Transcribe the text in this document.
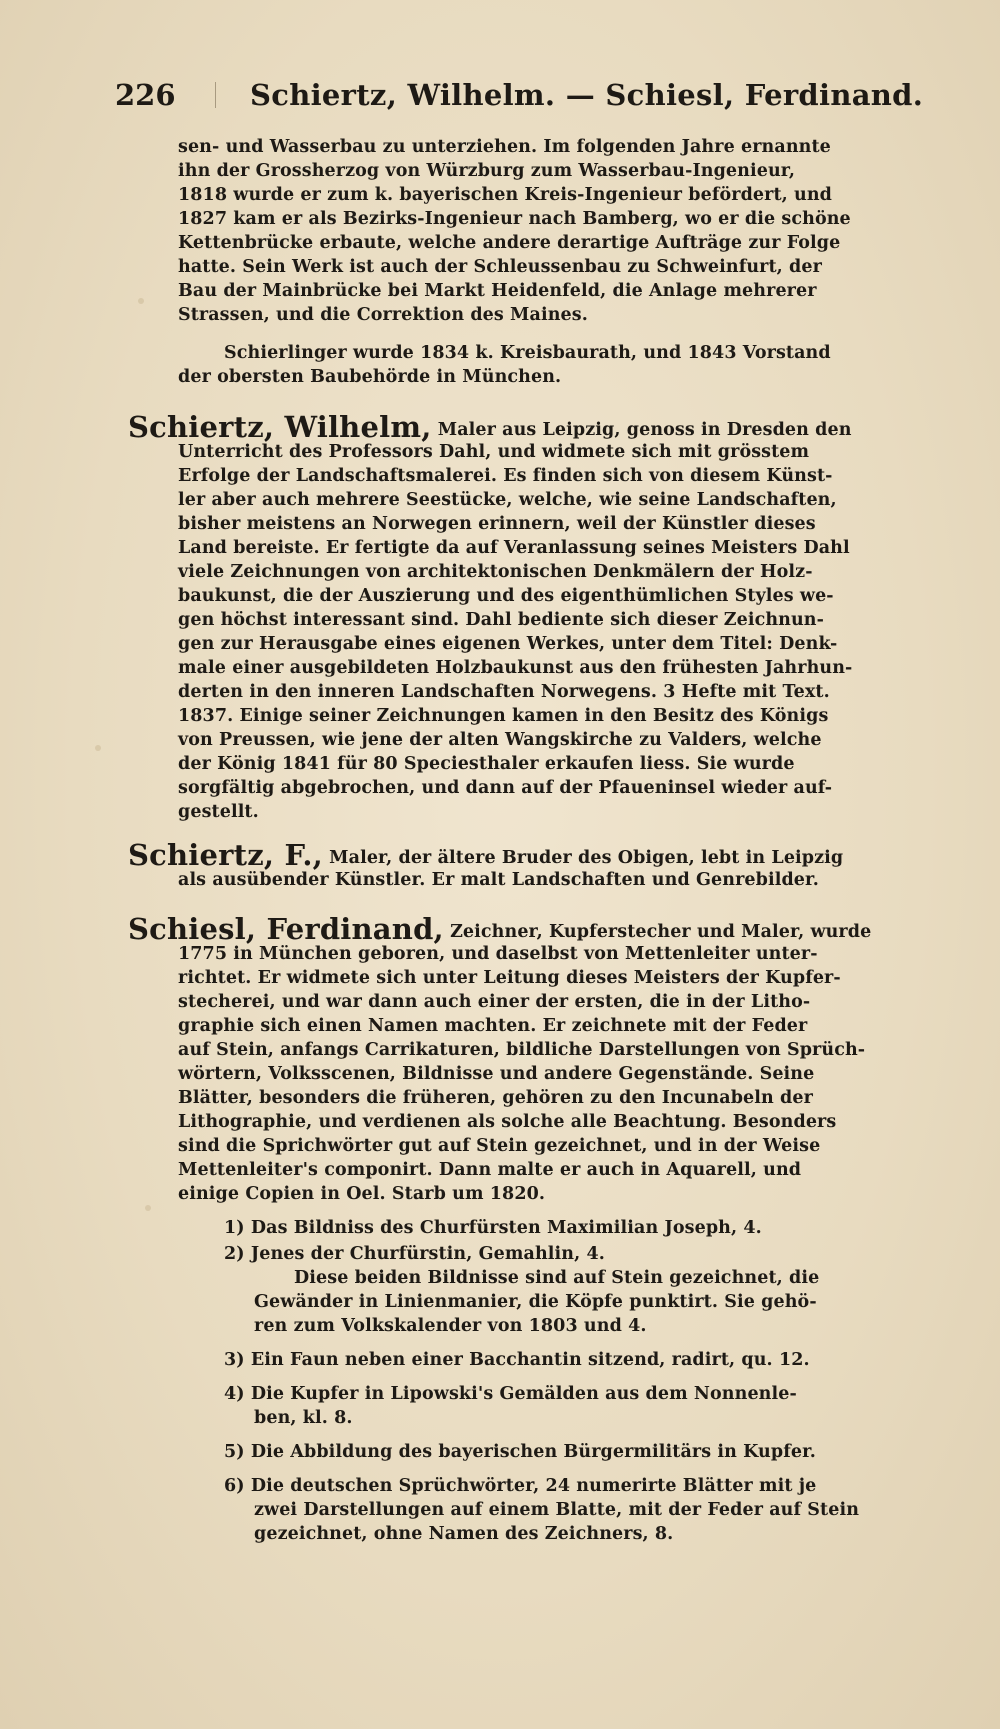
226	Schiertz, Wilhelm. — Schiesl, Ferdinand.
sen- und Wasserbau zu unterziehen. Im folgenden Jahre ernannte
ihn der Grossherzog von Würzburg zum Wasserbau-Ingenieur,
1818 wurde er zum k. bayerischen Kreis-Ingenieur befördert, und
1827 kam er als Bezirks-Ingenieur nach Bamberg, wo er die schöne
Kettenbrücke erbaute, welche andere derartige Aufträge zur Folge
hatte. Sein Werk ist auch der Schleussenbau zu Schweinfurt, der
Bau der Mainbrücke bei Markt Heidenfeld, die Anlage mehrerer
Strassen, und die Correktion des Maines.
Schierlinger wurde 1834 k. Kreisbaurath, und 1843 Vorstand
der obersten Baubehörde in München.
Schiertz, Wilhelm, Maler aus Leipzig, genoss in Dresden den
Unterricht des Professors Dahl, und widmete sich mit grösstem
Erfolge der Landschaftsmalerei. Es finden sich von diesem Künst-
ler aber auch mehrere Seestücke, welche, wie seine Landschaften,
bisher meistens an Norwegen erinnern, weil der Künstler dieses
Land bereiste. Er fertigte da auf Veranlassung seines Meisters Dahl
viele Zeichnungen von architektonischen Denkmälern der Holz-
baukunst, die der Auszierung und des eigenthümlichen Styles we-
gen höchst interessant sind. Dahl bediente sich dieser Zeichnun-
gen zur Herausgabe eines eigenen Werkes, unter dem Titel: Denk-
male einer ausgebildeten Holzbaukunst aus den frühesten Jahrhun-
derten in den inneren Landschaften Norwegens. 3 Hefte mit Text.
1837. Einige seiner Zeichnungen kamen in den Besitz des Königs
von Preussen, wie jene der alten Wangskirche zu Valders, welche
der König 1841 für 80 Speciesthaler erkaufen liess. Sie wurde
sorgfältig abgebrochen, und dann auf der Pfaueninsel wieder auf-
gestellt.
Schiertz, F., Maler, der ältere Bruder des Obigen, lebt in Leipzig
als ausübender Künstler. Er malt Landschaften und Genrebilder.
Schiesl, Ferdinand, Zeichner, Kupferstecher und Maler, wurde
1775 in München geboren, und daselbst von Mettenleiter unter-
richtet. Er widmete sich unter Leitung dieses Meisters der Kupfer-
stecherei, und war dann auch einer der ersten, die in der Litho-
graphie sich einen Namen machten. Er zeichnete mit der Feder
auf Stein, anfangs Carrikaturen, bildliche Darstellungen von Sprüch-
wörtern, Volksscenen, Bildnisse und andere Gegenstände. Seine
Blätter, besonders die früheren, gehören zu den Incunabeln der
Lithographie, und verdienen als solche alle Beachtung. Besonders
sind die Sprichwörter gut auf Stein gezeichnet, und in der Weise
Mettenleiter's componirt. Dann malte er auch in Aquarell, und
einige Copien in Oel. Starb um 1820.
1) Das Bildniss des Churfürsten Maximilian Joseph, 4.
2) Jenes der Churfürstin, Gemahlin, 4.
Diese beiden Bildnisse sind auf Stein gezeichnet, die
Gewänder in Linienmanier, die Köpfe punktirt. Sie gehö-
ren zum Volkskalender von 1803 und 4.
3) Ein Faun neben einer Bacchantin sitzend, radirt, qu. 12.
4) Die Kupfer in Lipowski's Gemälden aus dem Nonnenle-
ben, kl. 8.
5) Die Abbildung des bayerischen Bürgermilitärs in Kupfer.
6) Die deutschen Sprüchwörter, 24 numerirte Blätter mit je
zwei Darstellungen auf einem Blatte, mit der Feder auf Stein
gezeichnet, ohne Namen des Zeichners, 8.
